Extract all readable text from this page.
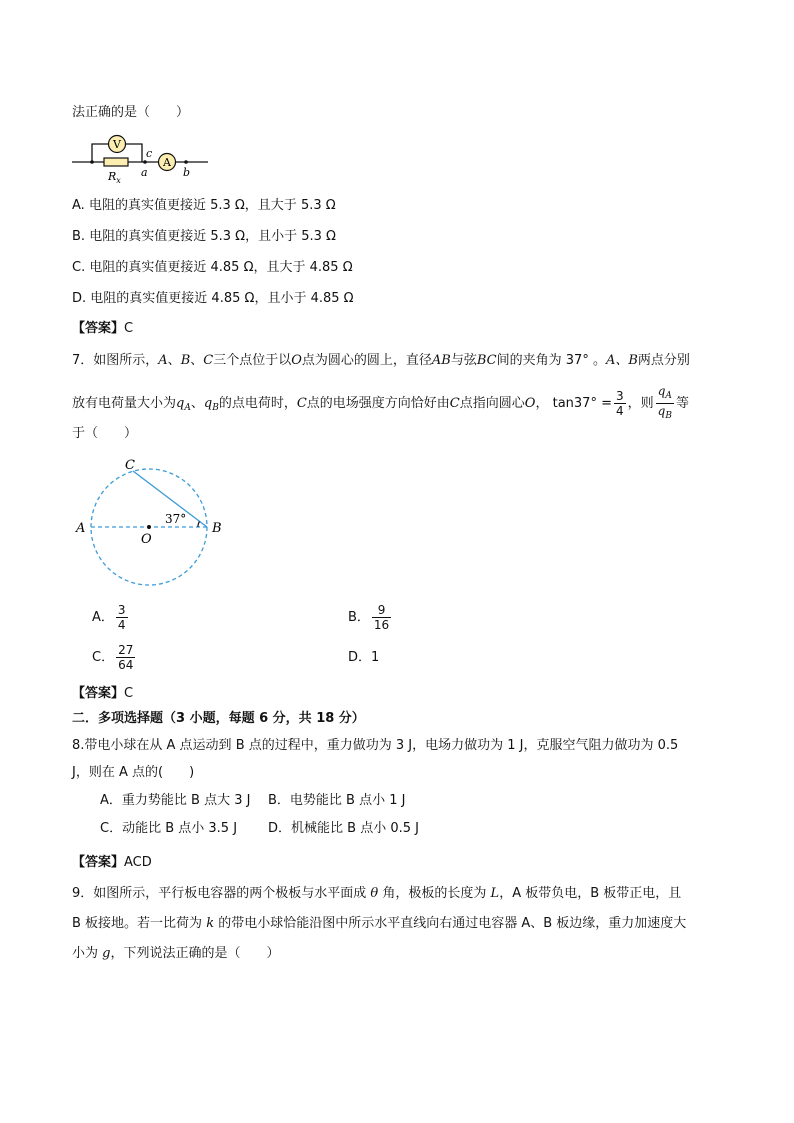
法正确的是（　　）
V
A
$R_x$
c
a	b
A. 电阻的真实值更接近 5.3 Ω，且大于 5.3 Ω
B. 电阻的真实值更接近 5.3 Ω，且小于 5.3 Ω
C. 电阻的真实值更接近 4.85 Ω，且大于 4.85 Ω
D. 电阻的真实值更接近 4.85 Ω，且小于 4.85 Ω
【答案】C
7．如图所示，A、B、C三个点位于以O点为圆心的圆上，直径AB与弦BC间的夹角为 37° 。A、B两点分别
放有电荷量大小为$q_A$、$q_B$的点电荷时，C点的电场强度方向恰好由C点指向圆心O， $\tan 37^\circ = \frac{3}{4}$ ，则 $\frac{q_A}{q_B}$ 等
于（　　）
C
A	B
O
37°
A． $\frac{3}{4}$	B． $\frac{9}{16}$
C． $\frac{27}{64}$	D．1
【答案】C
二．多项选择题（3 小题，每题 6 分，共 18 分）
8.带电小球在从 A 点运动到 B 点的过程中，重力做功为 3 J，电场力做功为 1 J，克服空气阻力做功为 0.5
J，则在 A 点的(　　)
A．重力势能比 B 点大 3 J B．电势能比 B 点小 1 J
C．动能比 B 点小 3.5 J D．机械能比 B 点小 0.5 J
【答案】ACD
9．如图所示，平行板电容器的两个极板与水平面成 θ 角，极板的长度为 L，A 板带负电，B 板带正电，且
B 板接地。若一比荷为 k 的带电小球恰能沿图中所示水平直线向右通过电容器 A、B 板边缘，重力加速度大
小为 g，下列说法正确的是（　　）
